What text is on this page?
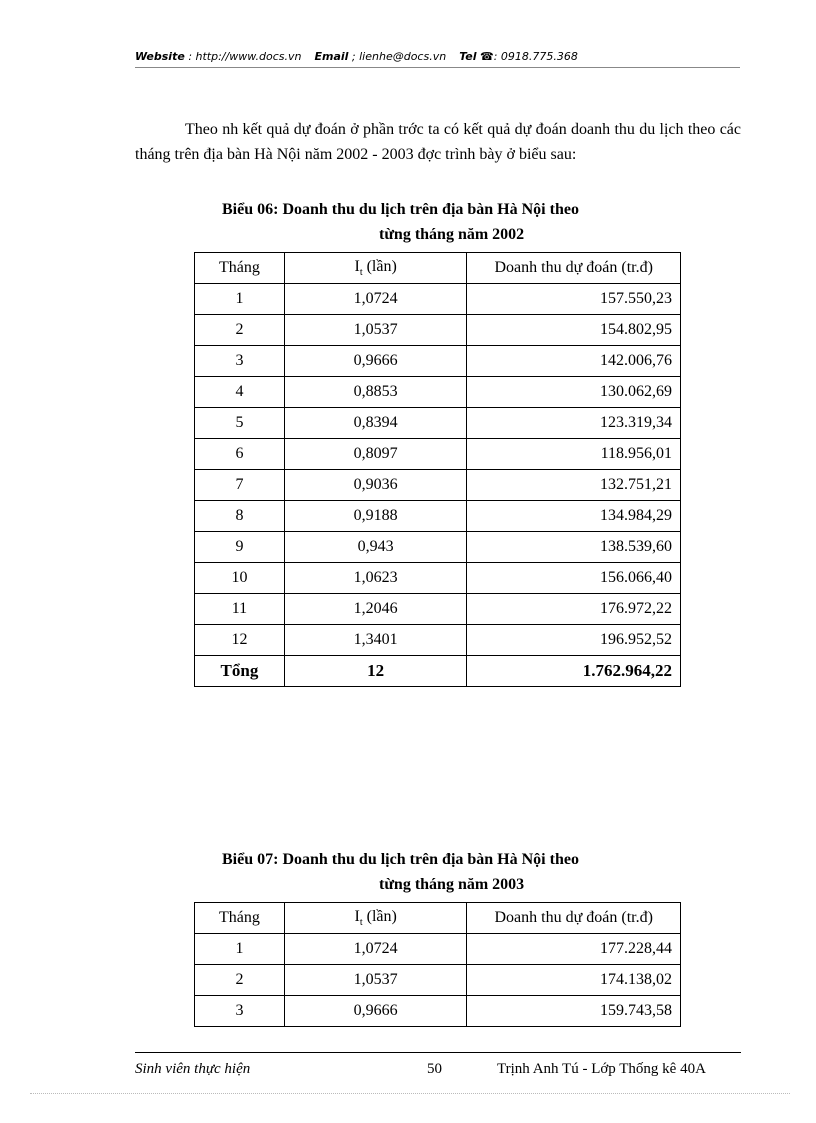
Website : http://www.docs.vn Email ; lienhe@docs.vn Tel ☎: 0918.775.368

Theo nh kết quả dự đoán ở phần trớc ta có kết quả dự đoán doanh thu du lịch theo các tháng trên địa bàn Hà Nội năm 2002 - 2003 đợc trình bày ở biểu sau:

Biểu 06: Doanh thu du lịch trên địa bàn Hà Nội theo
từng tháng năm 2002
Tháng	$I_t$ (lần)	Doanh thu dự đoán (tr.đ)
1	1,0724	157.550,23
2	1,0537	154.802,95
3	0,9666	142.006,76
4	0,8853	130.062,69
5	0,8394	123.319,34
6	0,8097	118.956,01
7	0,9036	132.751,21
8	0,9188	134.984,29
9	0,943	138.539,60
10	1,0623	156.066,40
11	1,2046	176.972,22
12	1,3401	196.952,52
Tổng	12	1.762.964,22
Biểu 07: Doanh thu du lịch trên địa bàn Hà Nội theo
từng tháng năm 2003
Tháng	$I_t$ (lần)	Doanh thu dự đoán (tr.đ)
1	1,0724	177.228,44
2	1,0537	174.138,02
3	0,9666	159.743,58
Sinh viên thực hiện	50	Trịnh Anh Tú - Lớp Thống kê 40A
